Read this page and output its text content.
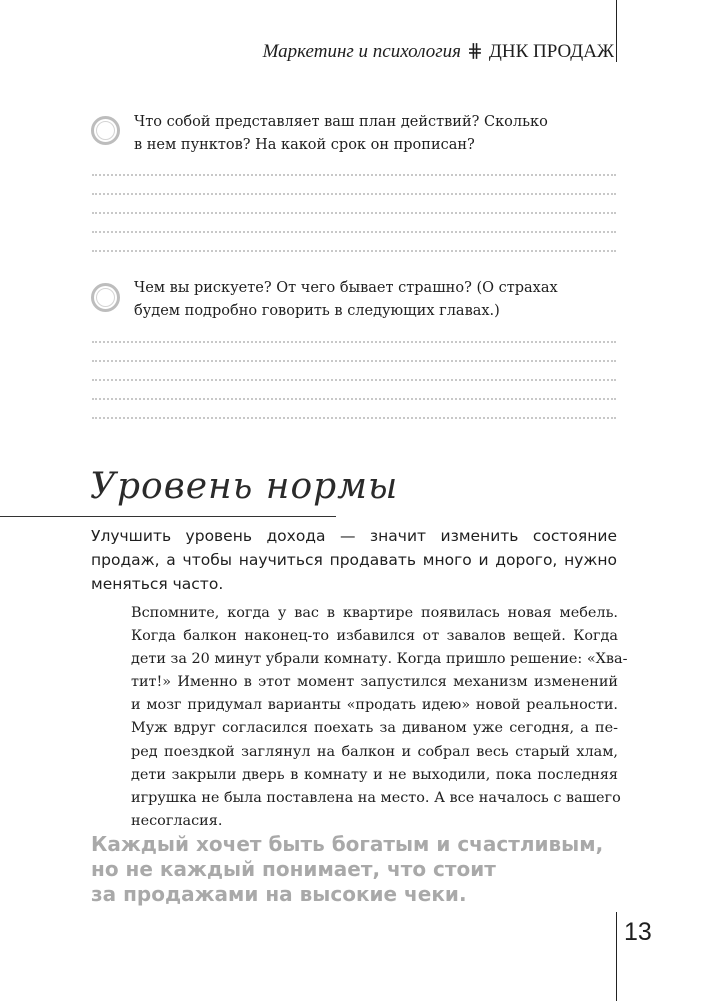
Маркетинг и психология ⋕ ДНК ПРОДАЖ
Что собой представляет ваш план действий? Сколько
в нем пунктов? На какой срок он прописан?
Чем вы рискуете? От чего бывает страшно? (О страхах
будем подробно говорить в следующих главах.)
Уровень нормы
Улучшить уровень дохода — значит изменить состояние продаж, а чтобы научиться продавать много и дорого, нужно меняться часто.
Вспомните, когда у вас в квартире появилась новая мебель.
Когда балкон наконец-то избавился от завалов вещей. Когда
дети за 20 минут убрали комнату. Когда пришло решение: «Хва-
тит!» Именно в этот момент запустился механизм изменений
и мозг придумал варианты «продать идею» новой реальности.
Муж вдруг согласился поехать за диваном уже сегодня, а пе-
ред поездкой заглянул на балкон и собрал весь старый хлам,
дети закрыли дверь в комнату и не выходили, пока последняя
игрушка не была поставлена на место. А все началось с вашего
несогласия.
Каждый хочет быть богатым и счастливым,
но не каждый понимает, что стоит
за продажами на высокие чеки.
13
